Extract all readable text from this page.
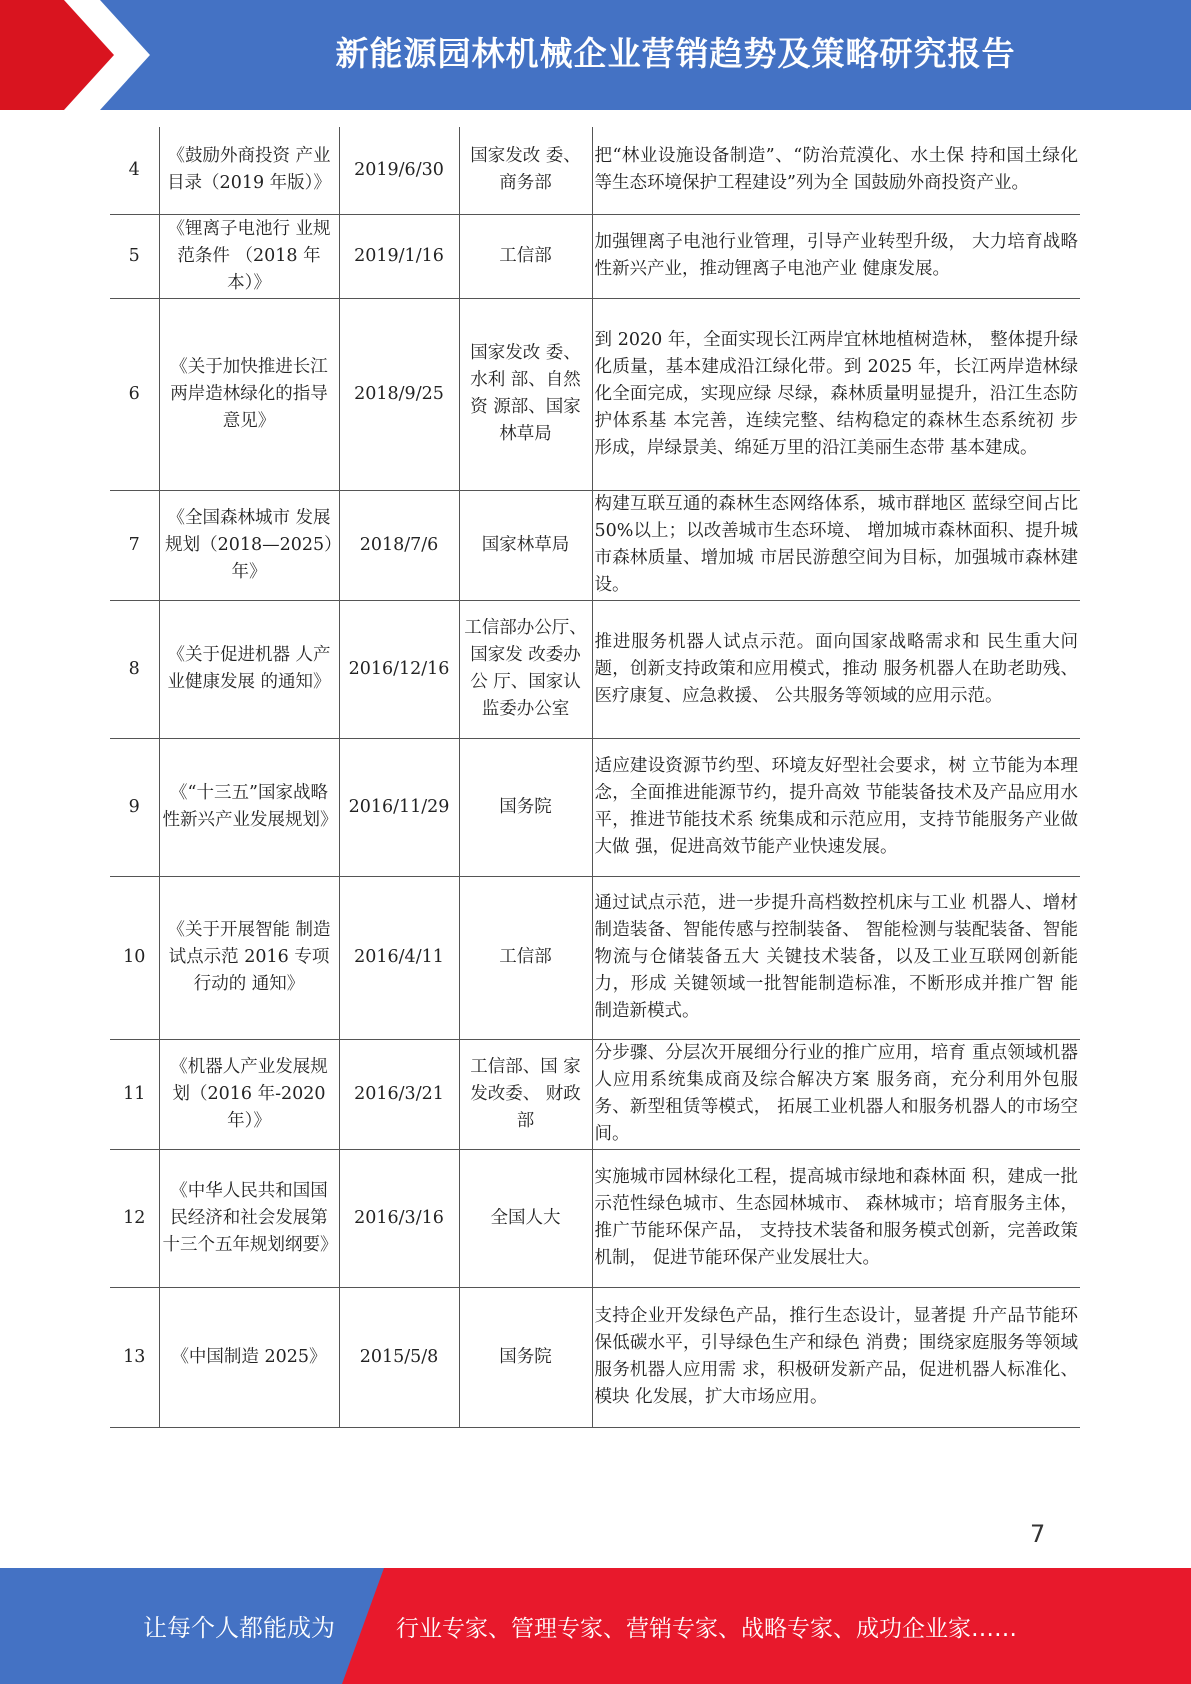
新能源园林机械企业营销趋势及策略研究报告
4	《鼓励外商投资 产业目录（2019 年版）》	2019/6/30	国家发改 委、商务部	把“林业设施设备制造”、“防治荒漠化、水土保 持和国土绿化等生态环境保护工程建设”列为全 国鼓励外商投资产业。
5	《锂离子电池行 业规范条件 （2018 年本）》	2019/1/16	工信部	加强锂离子电池行业管理，引导产业转型升级， 大力培育战略性新兴产业，推动锂离子电池产业 健康发展。
6	《关于加快推进长江两岸造林绿化的指导意见》	2018/9/25	国家发改 委、水利 部、自然资 源部、国家林草局	到 2020 年，全面实现长江两岸宜林地植树造林， 整体提升绿化质量，基本建成沿江绿化带。到 2025 年，长江两岸造林绿化全面完成，实现应绿 尽绿，森林质量明显提升，沿江生态防护体系基 本完善，连续完整、结构稳定的森林生态系统初 步形成，岸绿景美、绵延万里的沿江美丽生态带 基本建成。
7	《全国森林城市 发展规划（2018—2025）年》	2018/7/6	国家林草局	构建互联互通的森林生态网络体系，城市群地区 蓝绿空间占比 50%以上；以改善城市生态环境、 增加城市森林面积、提升城市森林质量、增加城 市居民游憩空间为目标，加强城市森林建设。
8	《关于促进机器 人产业健康发展 的通知》	2016/12/16	工信部办公厅、国家发 改委办公 厅、国家认 监委办公室	推进服务机器人试点示范。面向国家战略需求和 民生重大问题，创新支持政策和应用模式，推动 服务机器人在助老助残、医疗康复、应急救援、 公共服务等领域的应用示范。
9	《“十三五”国家战略性新兴产业发展规划》	2016/11/29	国务院	适应建设资源节约型、环境友好型社会要求，树 立节能为本理念，全面推进能源节约，提升高效 节能装备技术及产品应用水平，推进节能技术系 统集成和示范应用，支持节能服务产业做大做 强，促进高效节能产业快速发展。
10	《关于开展智能 制造试点示范 2016 专项行动的 通知》	2016/4/11	工信部	通过试点示范，进一步提升高档数控机床与工业 机器人、增材制造装备、智能传感与控制装备、 智能检测与装配装备、智能物流与仓储装备五大 关键技术装备，以及工业互联网创新能力，形成 关键领域一批智能制造标准，不断形成并推广智 能制造新模式。
11	《机器人产业发展规划（2016 年-2020 年）》	2016/3/21	工信部、国 家发改委、 财政部	分步骤、分层次开展细分行业的推广应用，培育 重点领域机器人应用系统集成商及综合解决方案 服务商，充分利用外包服务、新型租赁等模式， 拓展工业机器人和服务机器人的市场空间。
12	《中华人民共和国国民经济和社会发展第十三个五年规划纲要》	2016/3/16	全国人大	实施城市园林绿化工程，提高城市绿地和森林面 积，建成一批示范性绿色城市、生态园林城市、 森林城市；培育服务主体，推广节能环保产品， 支持技术装备和服务模式创新，完善政策机制， 促进节能环保产业发展壮大。
13	《中国制造 2025》	2015/5/8	国务院	支持企业开发绿色产品，推行生态设计，显著提 升产品节能环保低碳水平，引导绿色生产和绿色 消费；围绕家庭服务等领域服务机器人应用需 求，积极研发新产品，促进机器人标准化、模块 化发展，扩大市场应用。
7
让每个人都能成为	行业专家、管理专家、营销专家、战略专家、成功企业家……
